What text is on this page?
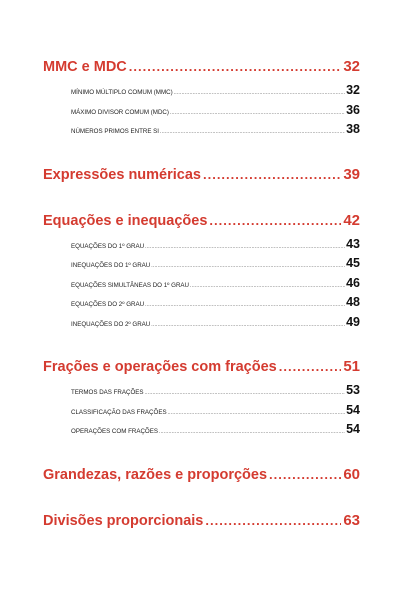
MMC e MDC .....	32
MÍNIMO MÚLTIPLO COMUM (MMC) .....	32
MÁXIMO DIVISOR COMUM (MDC) .....	36
NÚMEROS PRIMOS ENTRE SI .....	38
Expressões numéricas .....	39
Equações e inequações .....	42
EQUAÇÕES DO 1º GRAU .....	43
INEQUAÇÕES DO 1º GRAU .....	45
EQUAÇÕES SIMULTÂNEAS DO 1º GRAU .....	46
EQUAÇÕES DO 2º GRAU .....	48
INEQUAÇÕES DO 2º GRAU .....	49
Frações e operações com frações .....	51
TERMOS DAS FRAÇÕES .....	53
CLASSIFICAÇÃO DAS FRAÇÕES .....	54
OPERAÇÕES COM FRAÇÕES .....	54
Grandezas, razões e proporções .....	60
Divisões proporcionais .....	63
